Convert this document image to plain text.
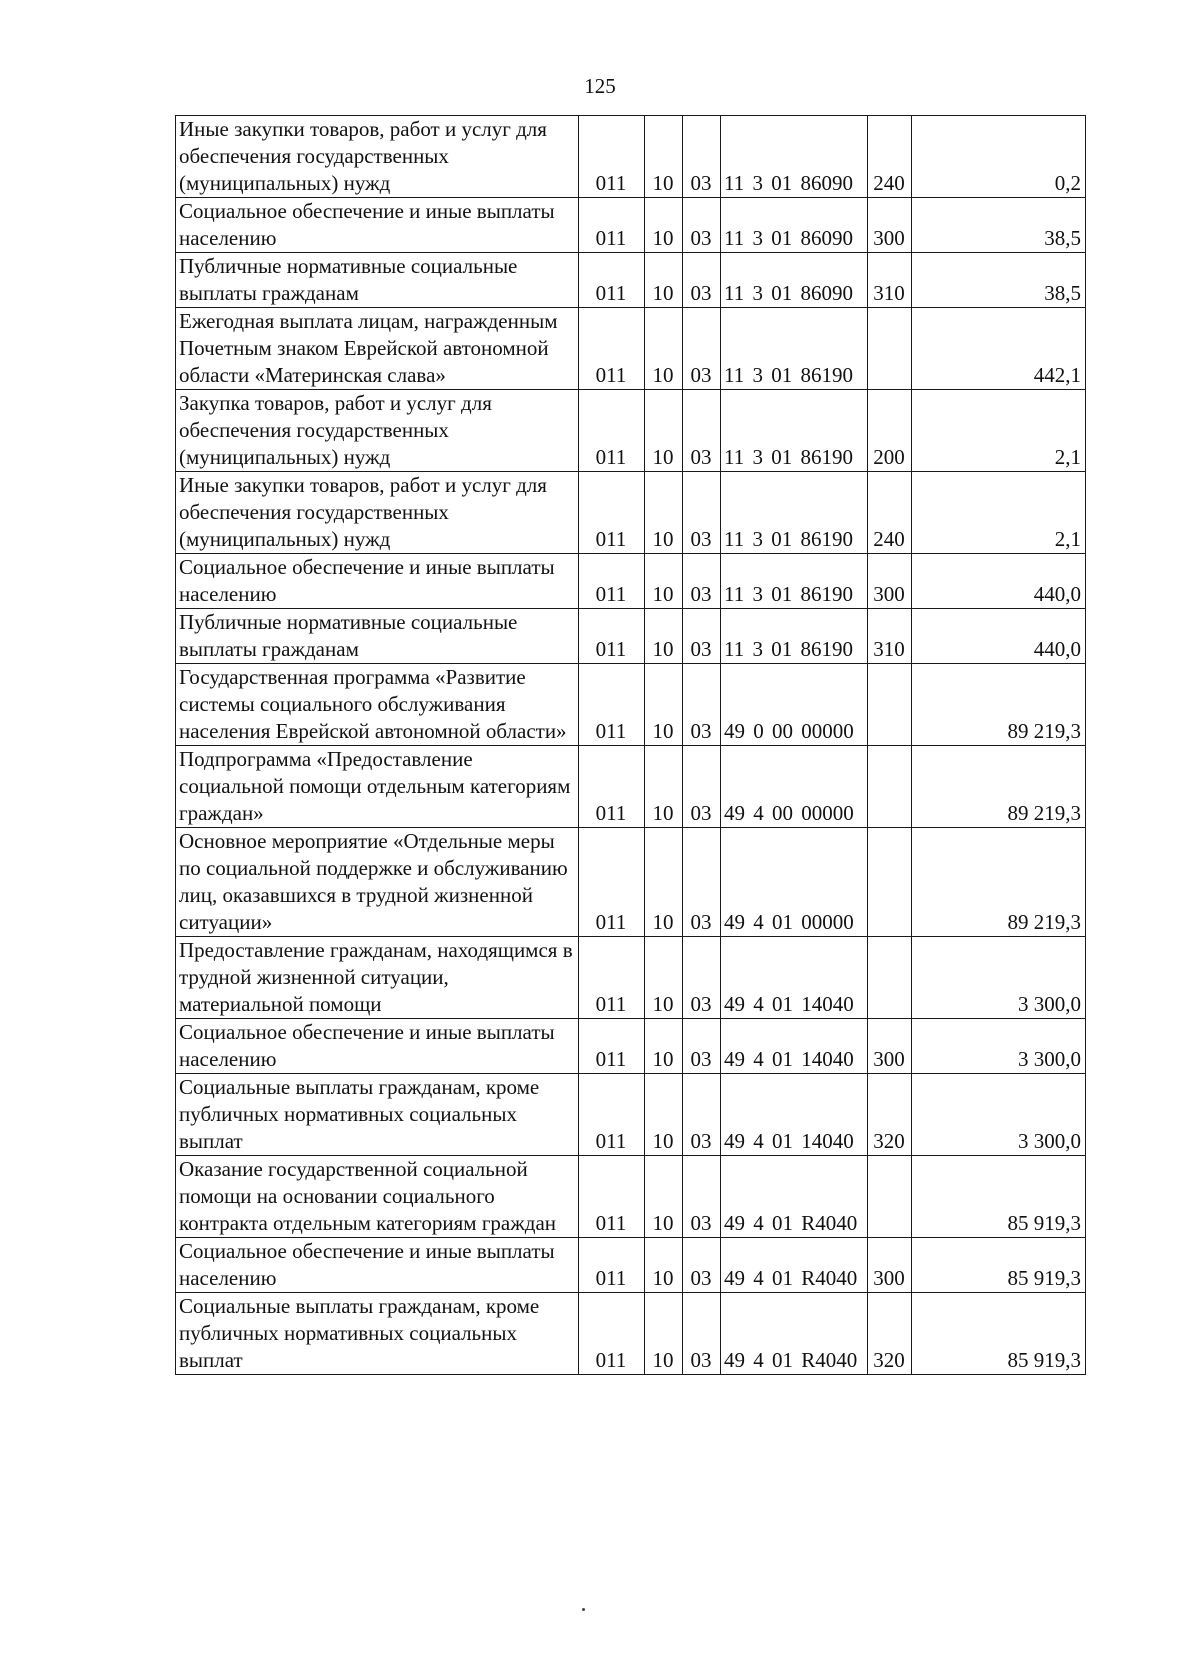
125
Иные закупки товаров, работ и услуг для обеспечения государственных (муниципальных) нужд	011	10	03	11 3 01 86090	240	0,2
Социальное обеспечение и иные выплаты населению	011	10	03	11 3 01 86090	300	38,5
Публичные нормативные социальные выплаты гражданам	011	10	03	11 3 01 86090	310	38,5
Ежегодная выплата лицам, награжденным Почетным знаком Еврейской автономной области «Материнская слава»	011	10	03	11 3 01 86190		442,1
Закупка товаров, работ и услуг для обеспечения государственных (муниципальных) нужд	011	10	03	11 3 01 86190	200	2,1
Иные закупки товаров, работ и услуг для обеспечения государственных (муниципальных) нужд	011	10	03	11 3 01 86190	240	2,1
Социальное обеспечение и иные выплаты населению	011	10	03	11 3 01 86190	300	440,0
Публичные нормативные социальные выплаты гражданам	011	10	03	11 3 01 86190	310	440,0
Государственная программа «Развитие системы социального обслуживания населения Еврейской автономной области»	011	10	03	49 0 00 00000		89 219,3
Подпрограмма «Предоставление социальной помощи отдельным категориям граждан»	011	10	03	49 4 00 00000		89 219,3
Основное мероприятие «Отдельные меры по социальной поддержке и обслуживанию лиц, оказавшихся в трудной жизненной ситуации»	011	10	03	49 4 01 00000		89 219,3
Предоставление гражданам, находящимся в трудной жизненной ситуации, материальной помощи	011	10	03	49 4 01 14040		3 300,0
Социальное обеспечение и иные выплаты населению	011	10	03	49 4 01 14040	300	3 300,0
Социальные выплаты гражданам, кроме публичных нормативных социальных выплат	011	10	03	49 4 01 14040	320	3 300,0
Оказание государственной социальной помощи на основании социального контракта отдельным категориям граждан	011	10	03	49 4 01 R4040		85 919,3
Социальное обеспечение и иные выплаты населению	011	10	03	49 4 01 R4040	300	85 919,3
Социальные выплаты гражданам, кроме публичных нормативных социальных выплат	011	10	03	49 4 01 R4040	320	85 919,3
